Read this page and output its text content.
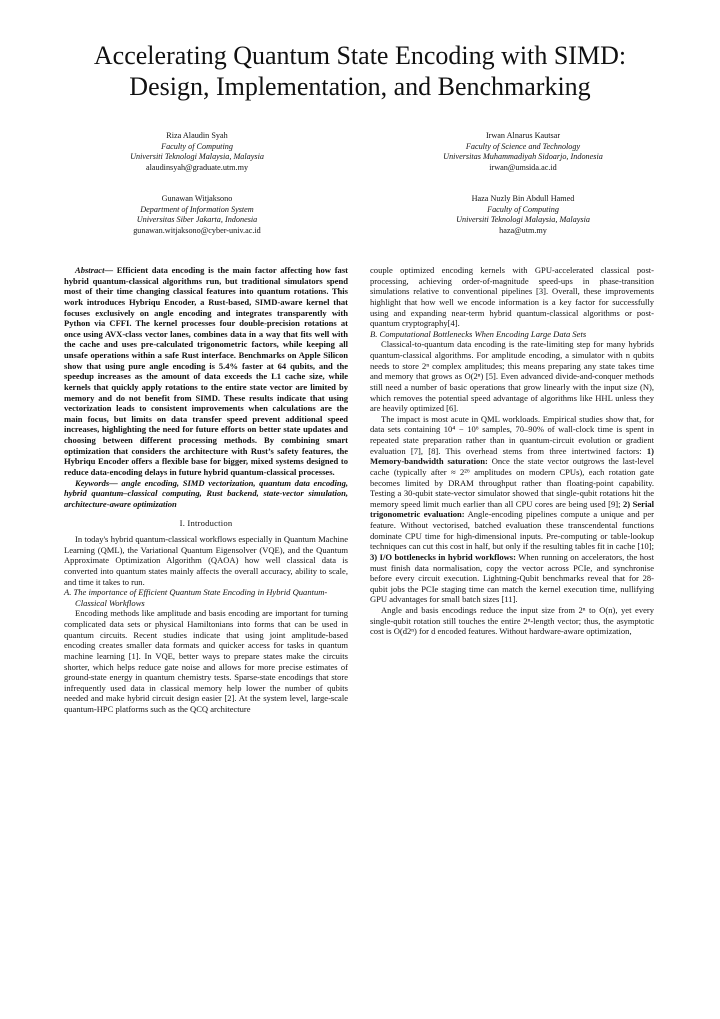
Accelerating Quantum State Encoding with SIMD:
Design, Implementation, and Benchmarking
Riza Alaudin Syah
Faculty of Computing
Universiti Teknologi Malaysia, Malaysia
alaudinsyah@graduate.utm.my
Irwan Alnarus Kautsar
Faculty of Science and Technology
Universitas Muhammadiyah Sidoarjo, Indonesia
irwan@umsida.ac.id
Gunawan Witjaksono
Department of Information System
Universitas Siber Jakarta, Indonesia
gunawan.witjaksono@cyber-univ.ac.id
Haza Nuzly Bin Abdull Hamed
Faculty of Computing
Universiti Teknologi Malaysia, Malaysia
haza@utm.my

Abstract— Efficient data encoding is the main factor affecting how fast hybrid quantum-classical algorithms run, but traditional simulators spend most of their time changing classical features into quantum rotations. This work introduces Hybriqu Encoder, a Rust-based, SIMD-aware kernel that focuses exclusively on angle encoding and integrates transparently with Python via CFFI. The kernel processes four double-precision rotations at once using AVX-class vector lanes, combines data in a way that fits well with the cache and uses pre-calculated trigonometric factors, while keeping all unsafe operations within a safe Rust interface. Benchmarks on Apple Silicon show that using pure angle encoding is 5.4% faster at 64 qubits, and the speedup increases as the amount of data exceeds the L1 cache size, while kernels that quickly apply rotations to the entire state vector are limited by memory and do not benefit from SIMD. These results indicate that using vectorization leads to consistent improvements when calculations are the main focus, but limits on data transfer speed prevent additional speed increases, highlighting the need for future efforts on better state updates and choosing between different processing methods. By combining smart optimization that considers the architecture with Rust’s safety features, the Hybriqu Encoder offers a flexible base for bigger, mixed systems designed to reduce data-encoding delays in future hybrid quantum-classical processes.

Keywords— angle encoding, SIMD vectorization, quantum data encoding, hybrid quantum–classical computing, Rust backend, state-vector simulation, architecture-aware optimization

I. Introduction

In today's hybrid quantum-classical workflows especially in Quantum Machine Learning (QML), the Variational Quantum Eigensolver (VQE), and the Quantum Approximate Optimization Algorithm (QAOA) how well classical data is converted into quantum states mainly affects the overall accuracy, ability to scale, and time it takes to run.

A. The importance of Efficient Quantum State Encoding in Hybrid Quantum-Classical Workflows

Encoding methods like amplitude and basis encoding are important for turning complicated data sets or physical Hamiltonians into forms that can be used in quantum circuits. Recent studies indicate that using joint amplitude-based encoding creates smaller data formats and quicker access for tasks in quantum machine learning [1]. In VQE, better ways to prepare states make the circuits shorter, which helps reduce gate noise and allows for more precise estimates of ground-state energy in quantum chemistry tests. Sparse-state encodings that store infrequently used data in classical memory help lower the number of qubits needed and make hybrid circuit design easier [2]. At the system level, large-scale quantum-HPC platforms such as the QCQ architecture

couple optimized encoding kernels with GPU-accelerated classical post-processing, achieving order-of-magnitude speed-ups in phase-transition simulations relative to conventional pipelines [3]. Overall, these improvements highlight that how well we encode information is a key factor for successfully using and expanding near-term hybrid quantum-classical algorithms or post-quantum cryptography[4].

B. Computational Bottlenecks When Encoding Large Data Sets

Classical-to-quantum data encoding is the rate-limiting step for many hybrids quantum-classical algorithms. For amplitude encoding, a simulator with n qubits needs to store 2ⁿ complex amplitudes; this means preparing any state takes time and memory that grows as O(2ⁿ) [5]. Even advanced divide-and-conquer methods still need a number of basic operations that grow linearly with the input size (N), which removes the potential speed advantage of algorithms like HHL unless they are heavily optimized [6].

The impact is most acute in QML workloads. Empirical studies show that, for data sets containing 10⁴ − 10⁶ samples, 70–90% of wall-clock time is spent in repeated state preparation rather than in quantum-circuit evolution or gradient evaluation [7], [8]. This overhead stems from three intertwined factors: 1) Memory-bandwidth saturation: Once the state vector outgrows the last-level cache (typically after ≈ 2²⁶ amplitudes on modern CPUs), each rotation gate becomes limited by DRAM throughput rather than floating-point capability. Testing a 30-qubit state-vector simulator showed that single-qubit rotations hit the memory speed limit much earlier than all CPU cores are being used [9]; 2) Serial trigonometric evaluation: Angle-encoding pipelines compute a unique and per feature. Without vectorised, batched evaluation these transcendental functions dominate CPU time for high-dimensional inputs. Pre-computing or table-lookup techniques can cut this cost in half, but only if the resulting tables fit in cache [10]; 3) I/O bottlenecks in hybrid workflows: When running on accelerators, the host must finish data normalisation, copy the vector across PCIe, and synchronise before every circuit execution. Lightning-Qubit benchmarks reveal that for 28-qubit jobs the PCIe staging time can match the kernel execution time, nullifying GPU advantages for small batch sizes [11].

Angle and basis encodings reduce the input size from 2ⁿ to O(n), yet every single-qubit rotation still touches the entire 2ⁿ-length vector; thus, the asymptotic cost is O(d2ⁿ) for d encoded features. Without hardware-aware optimization,
